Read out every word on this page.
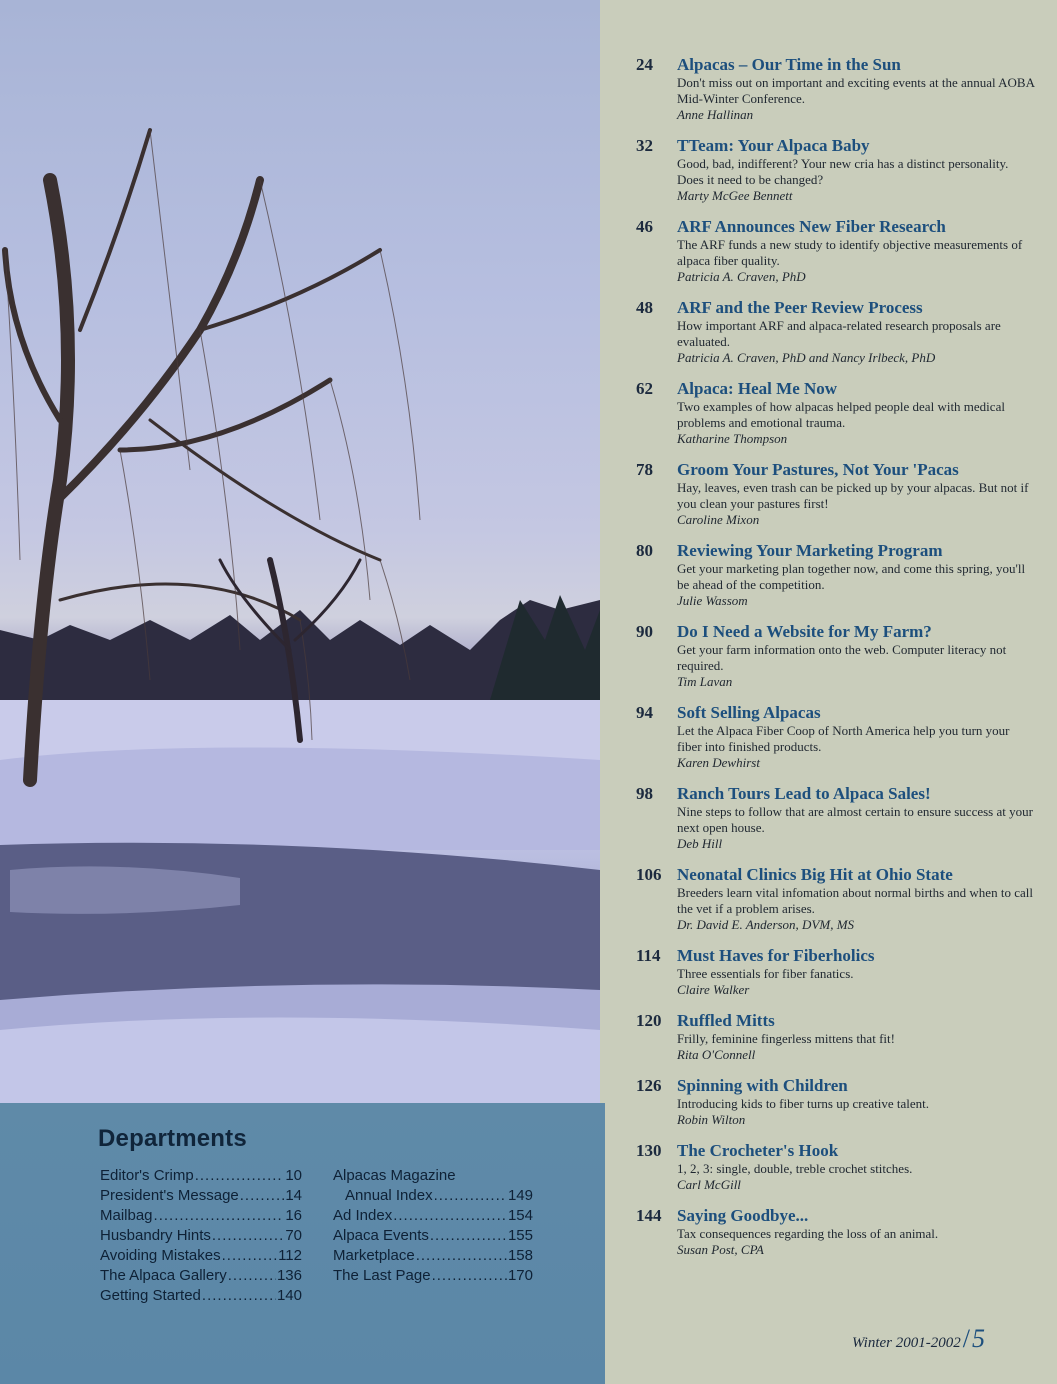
Departments
Editor's Crimp .....	10
President's Message .....	14
Mailbag .....	16
Husbandry Hints .....	70
Avoiding Mistakes .....	112
The Alpaca Gallery .....	136
Getting Started .....	140
Alpacas Magazine
Annual Index .....	149
Ad Index .....	154
Alpaca Events .....	155
Marketplace .....	158
The Last Page .....	170
24	Alpacas – Our Time in the Sun
Don't miss out on important and exciting events at the annual AOBA Mid-Winter Conference.
Anne Hallinan
32	TTeam: Your Alpaca Baby
Good, bad, indifferent? Your new cria has a distinct personality. Does it need to be changed?
Marty McGee Bennett
46	ARF Announces New Fiber Research
The ARF funds a new study to identify objective measurements of alpaca fiber quality.
Patricia A. Craven, PhD
48	ARF and the Peer Review Process
How important ARF and alpaca-related research proposals are evaluated.
Patricia A. Craven, PhD and Nancy Irlbeck, PhD
62	Alpaca: Heal Me Now
Two examples of how alpacas helped people deal with medical problems and emotional trauma.
Katharine Thompson
78	Groom Your Pastures, Not Your 'Pacas
Hay, leaves, even trash can be picked up by your alpacas. But not if you clean your pastures first!
Caroline Mixon
80	Reviewing Your Marketing Program
Get your marketing plan together now, and come this spring, you'll be ahead of the competition.
Julie Wassom
90	Do I Need a Website for My Farm?
Get your farm information onto the web. Computer literacy not required.
Tim Lavan
94	Soft Selling Alpacas
Let the Alpaca Fiber Coop of North America help you turn your fiber into finished products.
Karen Dewhirst
98	Ranch Tours Lead to Alpaca Sales!
Nine steps to follow that are almost certain to ensure success at your next open house.
Deb Hill
106 Neonatal Clinics Big Hit at Ohio State
Breeders learn vital infomation about normal births and when to call the vet if a problem arises.
Dr. David E. Anderson, DVM, MS
114 Must Haves for Fiberholics
Three essentials for fiber fanatics.
Claire Walker
120 Ruffled Mitts
Frilly, feminine fingerless mittens that fit!
Rita O'Connell
126 Spinning with Children
Introducing kids to fiber turns up creative talent.
Robin Wilton
130 The Crocheter's Hook
1, 2, 3: single, double, treble crochet stitches.
Carl McGill
144 Saying Goodbye...
Tax consequences regarding the loss of an animal.
Susan Post, CPA
Winter 2001-2002/5
